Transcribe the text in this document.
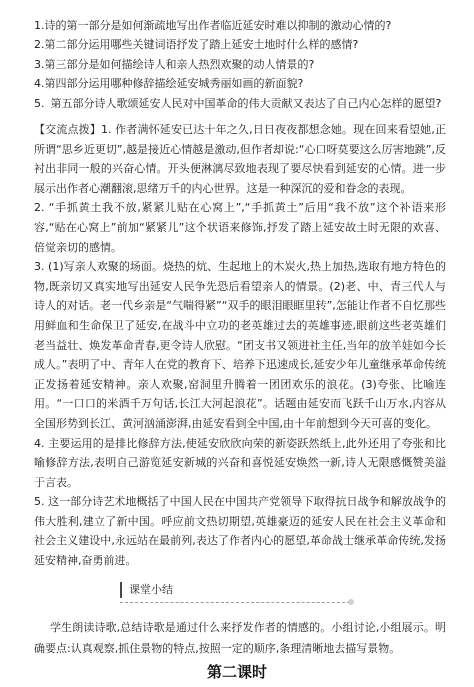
1.诗的第一部分是如何渐疏地写出作者临近延安时难以抑制的激动心情的?
2.第二部分运用哪些关键词语抒发了踏上延安土地时什么样的感情?
3.第三部分是如何描绘诗人和亲人热烈欢聚的动人情景的?
4.第四部分运用哪种修辞描绘延安城秀丽如画的新面貌?
5. 第五部分诗人歌颂延安人民对中国革命的伟大贡献又表达了自己内心怎样的愿望?

【交流点拨】1. 作者满怀延安已达十年之久,日日夜夜都想念她。现在回来看望她,正所谓“思乡近更切”,越是接近心情越是激动,但作者却说:“心口呀莫要这么厉害地跳”,反衬出非同一般的兴奋心情。开头便淋漓尽致地表现了要尽快看到延安的心情。进一步展示出作者心潮翻滚,思绪万千的内心世界。这是一种深沉的爱和眷念的表现。

2. “手抓黄土我不放,紧紧儿贴在心窝上”,“手抓黄土”后用“我不放”这个补语来形容,“贴在心窝上”前加“紧紧儿”这个状语来修饰,抒发了踏上延安故土时无限的欢喜、倍觉亲切的感情。

3. (1)写亲人欢聚的场面。烧热的炕、生起地上的木炭火,热上加热,选取有地方特色的物,既亲切又真实地写出延安人民争先恐后看望亲人的情景。(2)老、中、青三代人与诗人的对话。老一代乡亲是“气喘得紧”“双手的眼泪眼眶里转”,怎能让作者不自忆那些用鲜血和生命保卫了延安,在战斗中立功的老英雄过去的英雄事迹,眼前这些老英雄们老当益壮、焕发革命青春,更令诗人欣慰。“团支书又领进社主任,当年的放羊娃如今长成人。”表明了中、青年人在党的教育下、培养下迅速成长,延安少年儿童继承革命传统正发扬着延安精神。亲人欢聚,窑洞里升腾着一团团欢乐的浪花。(3)夸张、比喻连用。“一口口的米酒千万句话,长江大河起浪花”。话题由延安而飞跃千山万水,内容从全国形势到长江、黄河汹涌澎湃,由延安看到全中国,由十年前想到今天可喜的变化。

4. 主要运用的是排比修辞方法,使延安欣欣向荣的新姿跃然纸上,此外还用了夸张和比喻修辞方法,表明自己游览延安新城的兴奋和喜悦延安焕然一新,诗人无限感慨赞美溢于言表。

5. 这一部分诗艺术地概括了中国人民在中国共产党领导下取得抗日战争和解放战争的伟大胜利,建立了新中国。呼应前文热切期望,英雄豪迈的延安人民在社会主义革命和社会主义建设中,永远站在最前列,表达了作者内心的愿望,革命战士继承革命传统,发扬延安精神,奋勇前进。

课堂小结

学生朗读诗歌,总结诗歌是通过什么来抒发作者的情感的。小组讨论,小组展示。明确要点:认真观察,抓住景物的特点,按照一定的顺序,条理清晰地去描写景物。

第二课时
